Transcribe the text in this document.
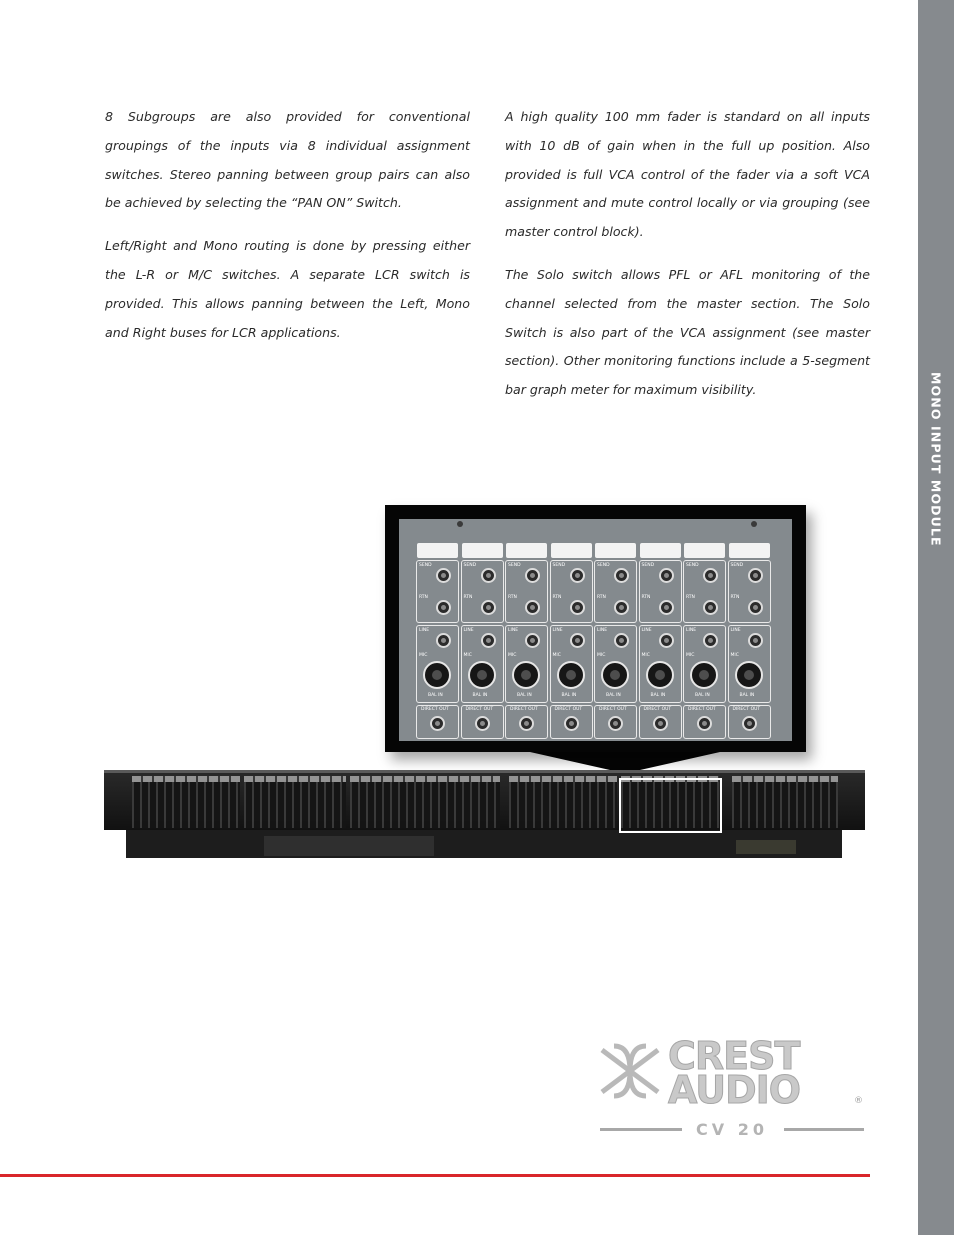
MONO INPUT MODULE

8 Subgroups are also provided for conventional groupings of the inputs via 8 individual assignment switches. Stereo panning between group pairs can also be achieved by selecting the “PAN ON” Switch.

Left/Right and Mono routing is done by pressing either the L-R or M/C switches. A separate LCR switch is provided. This allows panning between the Left, Mono and Right buses for LCR applications.

A high quality 100 mm fader is standard on all inputs with 10 dB of gain when in the full up position. Also provided is full VCA control of the fader via a soft VCA assignment and mute control locally or via grouping (see master control block).

The Solo switch allows PFL or AFL monitoring of the channel selected from the master section. The Solo Switch is also part of the VCA assignment (see master section). Other monitoring functions include a 5-segment bar graph meter for maximum visibility.

SEND
RTN
LINE
MIC
BAL IN
DIRECT OUT
SEND
RTN
LINE
MIC
BAL IN
DIRECT OUT
SEND
RTN
LINE
MIC
BAL IN
DIRECT OUT
SEND
RTN
LINE
MIC
BAL IN
DIRECT OUT
SEND
RTN
LINE
MIC
BAL IN
DIRECT OUT
SEND
RTN
LINE
MIC
BAL IN
DIRECT OUT
SEND
RTN
LINE
MIC
BAL IN
DIRECT OUT
SEND
RTN
LINE
MIC
BAL IN
DIRECT OUT
CREST
AUDIO	®
CV 20
